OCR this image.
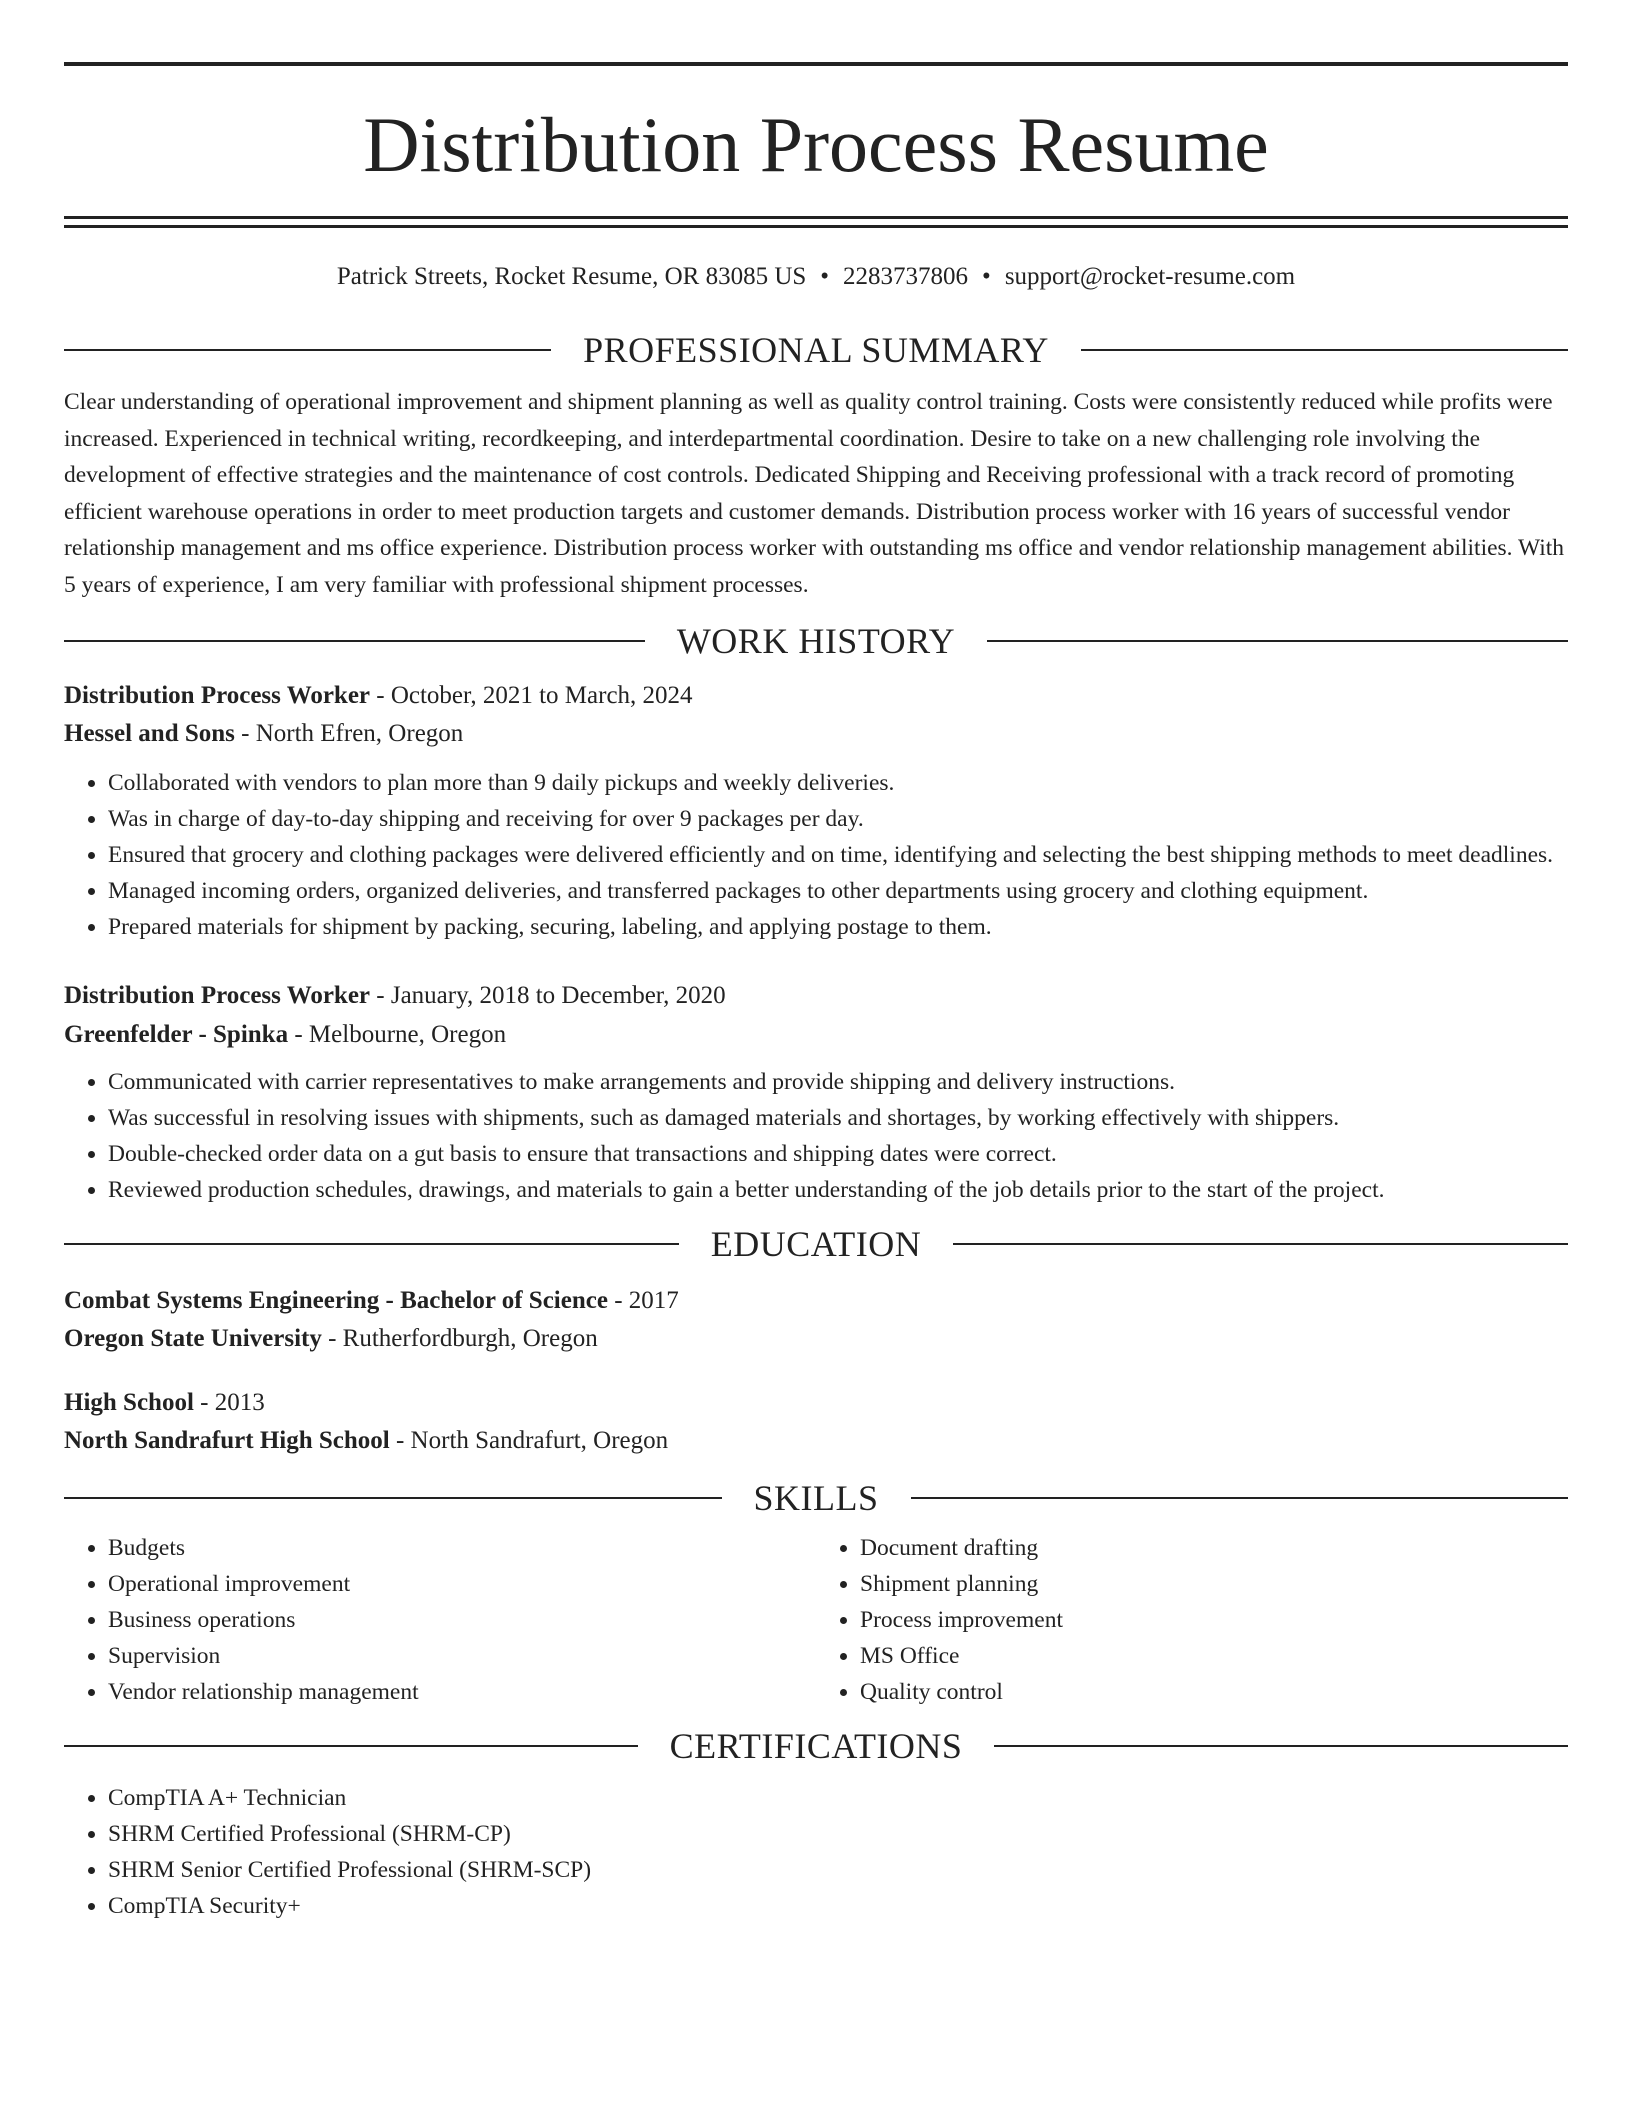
Distribution Process Resume
Patrick Streets, Rocket Resume, OR 83085 US • 2283737806 • support@rocket-resume.com
PROFESSIONAL SUMMARY

Clear understanding of operational improvement and shipment planning as well as quality control training. Costs were consistently reduced while profits were increased. Experienced in technical writing, recordkeeping, and interdepartmental coordination. Desire to take on a new challenging role involving the development of effective strategies and the maintenance of cost controls. Dedicated Shipping and Receiving professional with a track record of promoting efficient warehouse operations in order to meet production targets and customer demands. Distribution process worker with 16 years of successful vendor relationship management and ms office experience. Distribution process worker with outstanding ms office and vendor relationship management abilities. With 5 years of experience, I am very familiar with professional shipment processes.

WORK HISTORY
Distribution Process Worker - October, 2021 to March, 2024
Hessel and Sons - North Efren, Oregon
• Collaborated with vendors to plan more than 9 daily pickups and weekly deliveries.
• Was in charge of day-to-day shipping and receiving for over 9 packages per day.
• Ensured that grocery and clothing packages were delivered efficiently and on time, identifying and selecting the best shipping methods to meet deadlines.
• Managed incoming orders, organized deliveries, and transferred packages to other departments using grocery and clothing equipment.
• Prepared materials for shipment by packing, securing, labeling, and applying postage to them.
Distribution Process Worker - January, 2018 to December, 2020
Greenfelder - Spinka - Melbourne, Oregon
• Communicated with carrier representatives to make arrangements and provide shipping and delivery instructions.
• Was successful in resolving issues with shipments, such as damaged materials and shortages, by working effectively with shippers.
• Double-checked order data on a gut basis to ensure that transactions and shipping dates were correct.
• Reviewed production schedules, drawings, and materials to gain a better understanding of the job details prior to the start of the project.
EDUCATION
Combat Systems Engineering - Bachelor of Science - 2017
Oregon State University - Rutherfordburgh, Oregon
High School - 2013
North Sandrafurt High School - North Sandrafurt, Oregon
SKILLS
• Budgets
• Operational improvement
• Business operations
• Supervision
• Vendor relationship management
• Document drafting
• Shipment planning
• Process improvement
• MS Office
• Quality control
CERTIFICATIONS
• CompTIA A+ Technician
• SHRM Certified Professional (SHRM-CP)
• SHRM Senior Certified Professional (SHRM-SCP)
• CompTIA Security+
